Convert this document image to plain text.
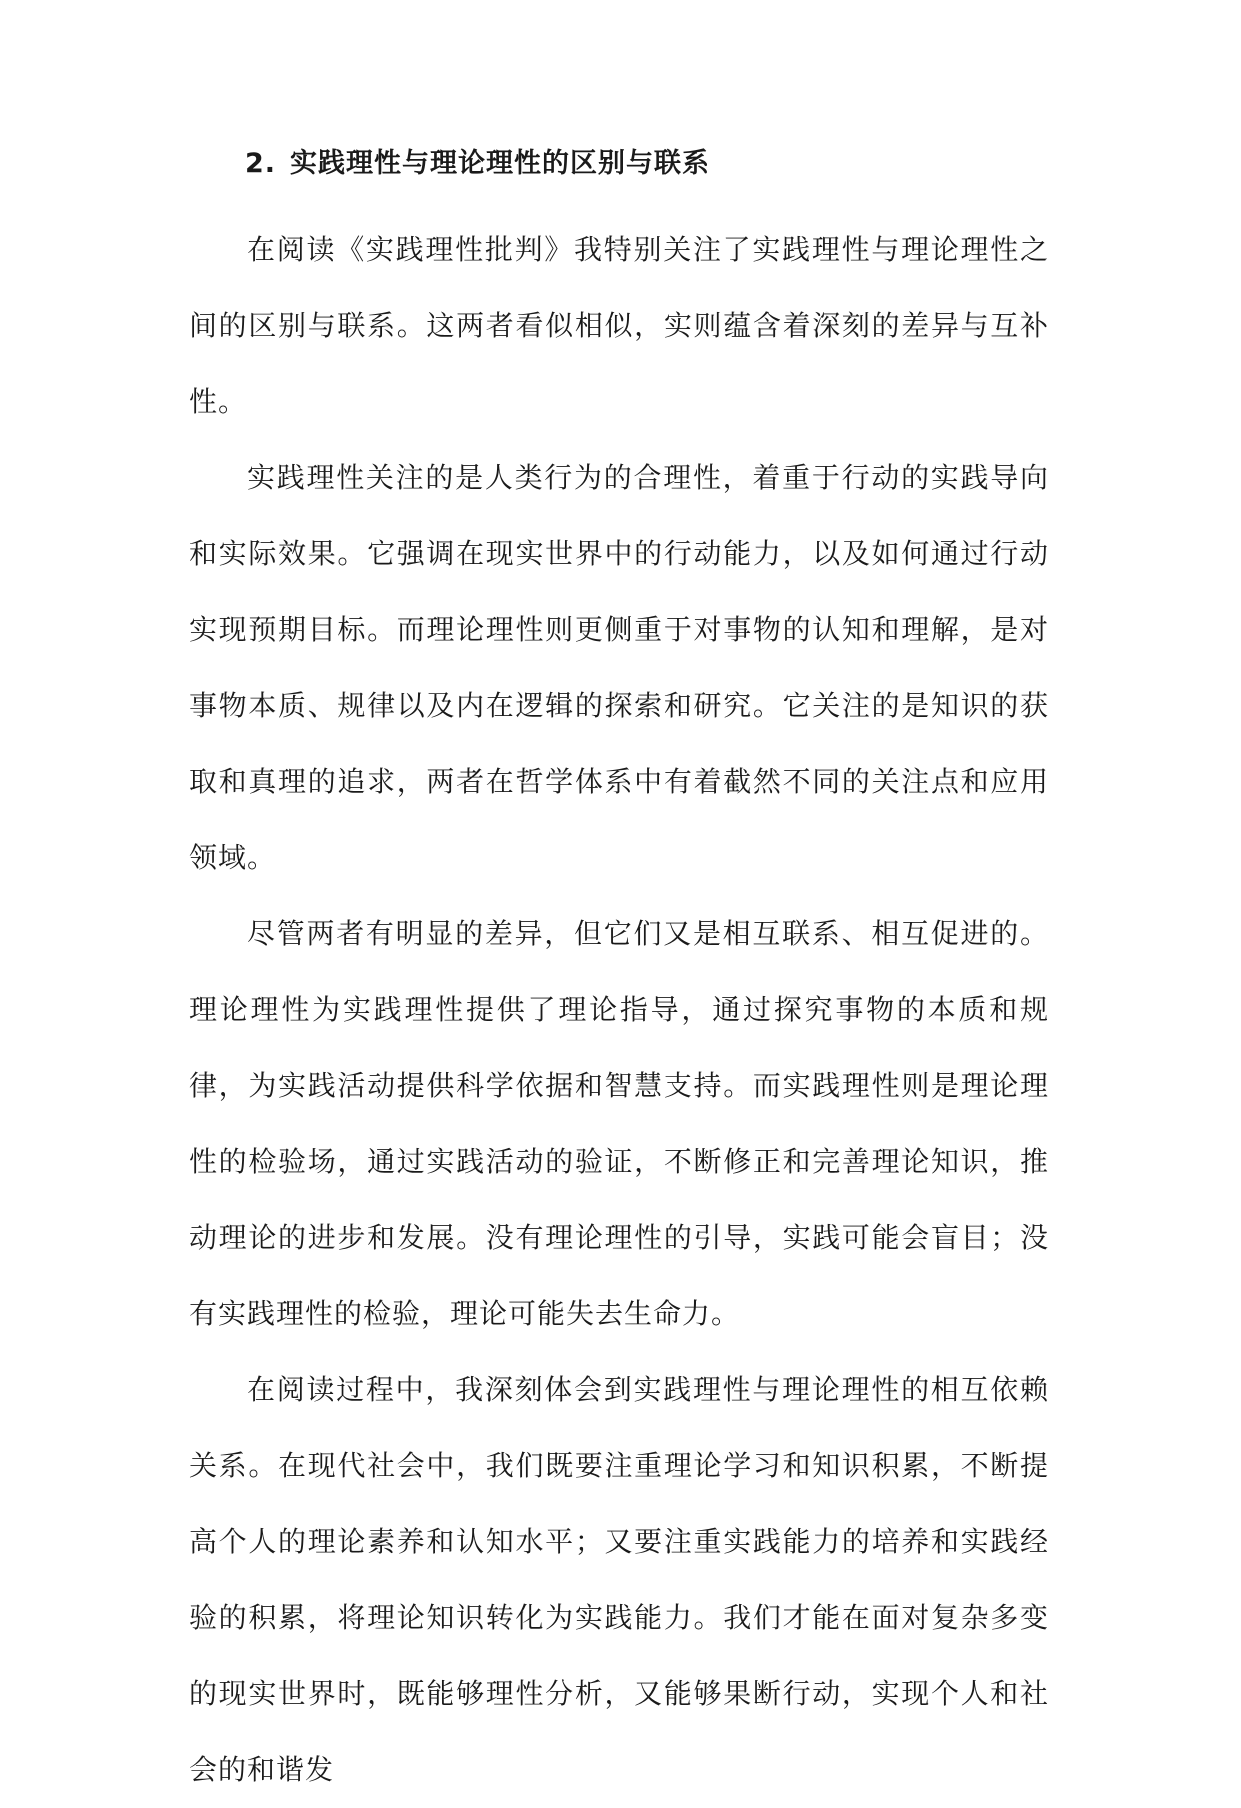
2. 实践理性与理论理性的区别与联系

在阅读《实践理性批判》我特别关注了实践理性与理论理性之间的区别与联系。这两者看似相似，实则蕴含着深刻的差异与互补性。

实践理性关注的是人类行为的合理性，着重于行动的实践导向和实际效果。它强调在现实世界中的行动能力，以及如何通过行动实现预期目标。而理论理性则更侧重于对事物的认知和理解，是对事物本质、规律以及内在逻辑的探索和研究。它关注的是知识的获取和真理的追求，两者在哲学体系中有着截然不同的关注点和应用领域。

尽管两者有明显的差异，但它们又是相互联系、相互促进的。理论理性为实践理性提供了理论指导，通过探究事物的本质和规律，为实践活动提供科学依据和智慧支持。而实践理性则是理论理性的检验场，通过实践活动的验证，不断修正和完善理论知识，推动理论的进步和发展。没有理论理性的引导，实践可能会盲目；没有实践理性的检验，理论可能失去生命力。

在阅读过程中，我深刻体会到实践理性与理论理性的相互依赖关系。在现代社会中，我们既要注重理论学习和知识积累，不断提高个人的理论素养和认知水平；又要注重实践能力的培养和实践经验的积累，将理论知识转化为实践能力。我们才能在面对复杂多变的现实世界时，既能够理性分析，又能够果断行动，实现个人和社会的和谐发
